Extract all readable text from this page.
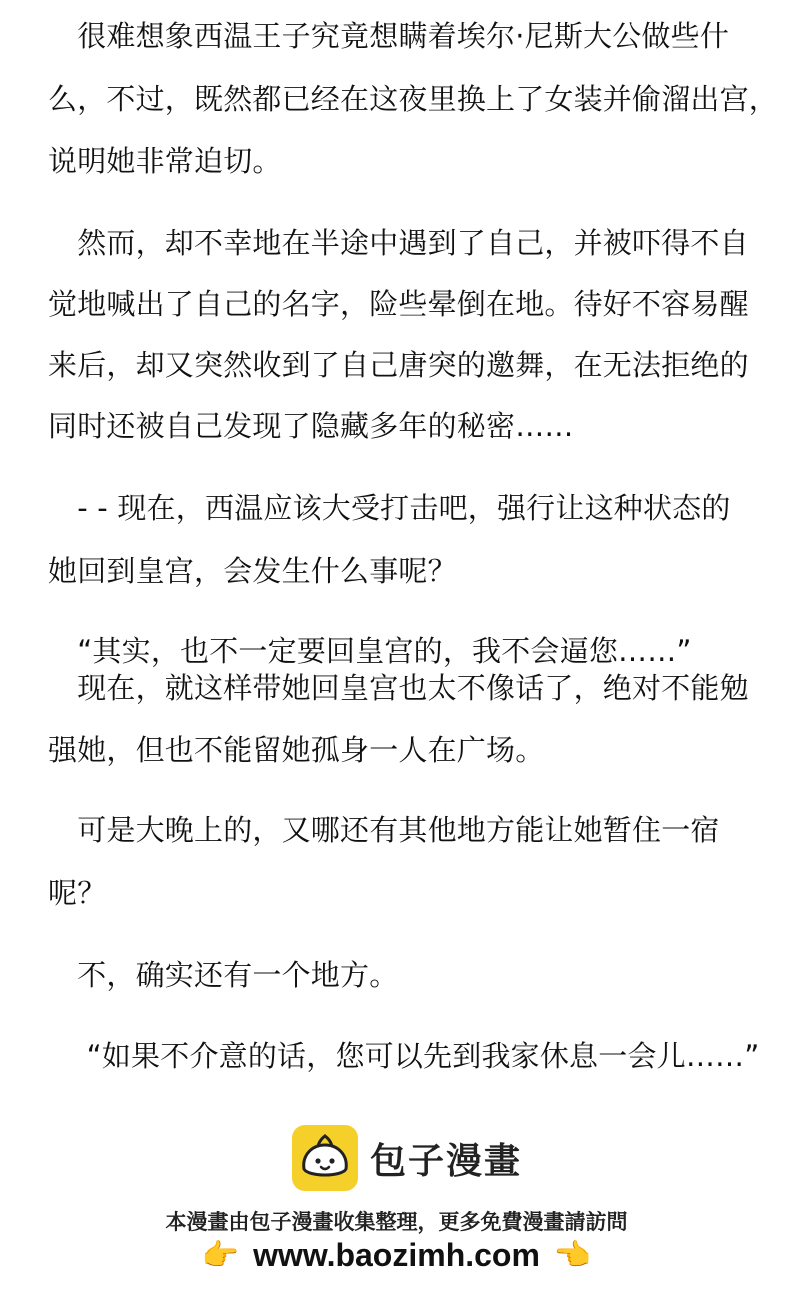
　很难想象西温王子究竟想瞒着埃尔·尼斯大公做些什
么，不过，既然都已经在这夜里换上了女装并偷溜出宫，
说明她非常迫切。
　然而，却不幸地在半途中遇到了自己，并被吓得不自
觉地喊出了自己的名字，险些晕倒在地。待好不容易醒
来后，却又突然收到了自己唐突的邀舞，在无法拒绝的
同时还被自己发现了隐藏多年的秘密……
　- - 现在，西温应该大受打击吧，强行让这种状态的
她回到皇宫，会发生什么事呢？
　“其实，也不一定要回皇宫的，我不会逼您……”
　现在，就这样带她回皇宫也太不像话了，绝对不能勉
强她，但也不能留她孤身一人在广场。
　可是大晚上的，又哪还有其他地方能让她暂住一宿
呢？
　不，确实还有一个地方。
　 “如果不介意的话，您可以先到我家休息一会儿……”
包子漫畫
本漫畫由包子漫畫收集整理，更多免費漫畫請訪問
👉 www.baozimh.com 👈
